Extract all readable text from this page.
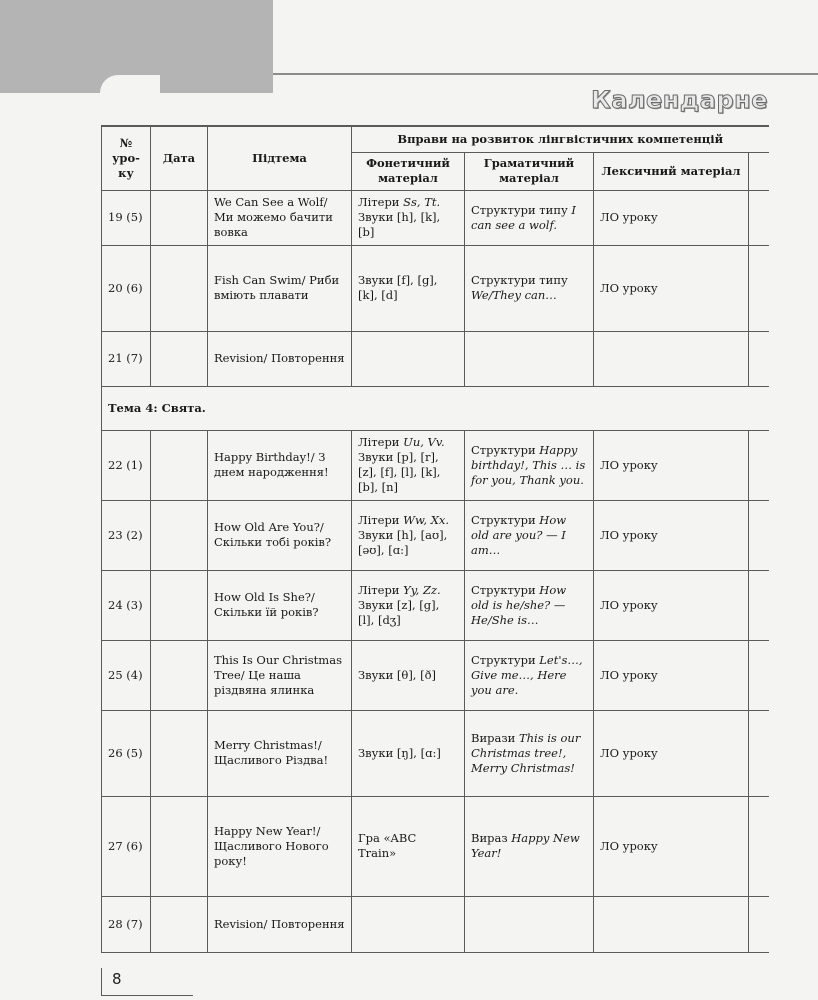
Календарне
№ уро-ку	Дата	Підтема	Вправи на розвиток лінгвістичних компетенцій			
			Фонетичний матеріал	Граматичний матеріал	Лексичний матеріал	
19 (5)		We Can See a Wolf/ Ми можемо бачити вовка	Літери Ss, Tt. Звуки [h], [k], [b]	Структури типу I can see a wolf.	ЛО уроку	
20 (6)		Fish Can Swim/ Риби вміють плавати	Звуки [f], [g], [k], [d]	Структури типу We/They can…	ЛО уроку	
21 (7)		Revision/ Повторення				
Тема 4: Свята.						
22 (1)		Happy Birthday!/ З днем народження!	Літери Uu, Vv. Звуки [p], [r], [z], [f], [l], [k], [b], [n]	Структури Happy birthday!, This … is for you, Thank you.	ЛО уроку	
23 (2)		How Old Are You?/ Скільки тобі років?	Літери Ww, Xx. Звуки [h], [aʊ], [əʊ], [ɑ:]	Структури How old are you? — I am…	ЛО уроку	
24 (3)		How Old Is She?/ Скільки їй років?	Літери Yy, Zz. Звуки [z], [g], [l], [dʒ]	Структури How old is he/she? — He/She is…	ЛО уроку	
25 (4)		This Is Our Christmas Tree/ Це наша різдвяна ялинка	Звуки [θ], [ð]	Структури Let's…, Give me…, Here you are.	ЛО уроку	
26 (5)		Merry Christmas!/ Щасливого Різдва!	Звуки [ŋ], [ɑ:]	Вирази This is our Christmas tree!, Merry Christmas!	ЛО уроку	
27 (6)		Happy New Year!/ Щасливого Нового року!	Гра «ABC Train»	Вираз Happy New Year!	ЛО уроку	
28 (7)		Revision/ Повторення				
8
